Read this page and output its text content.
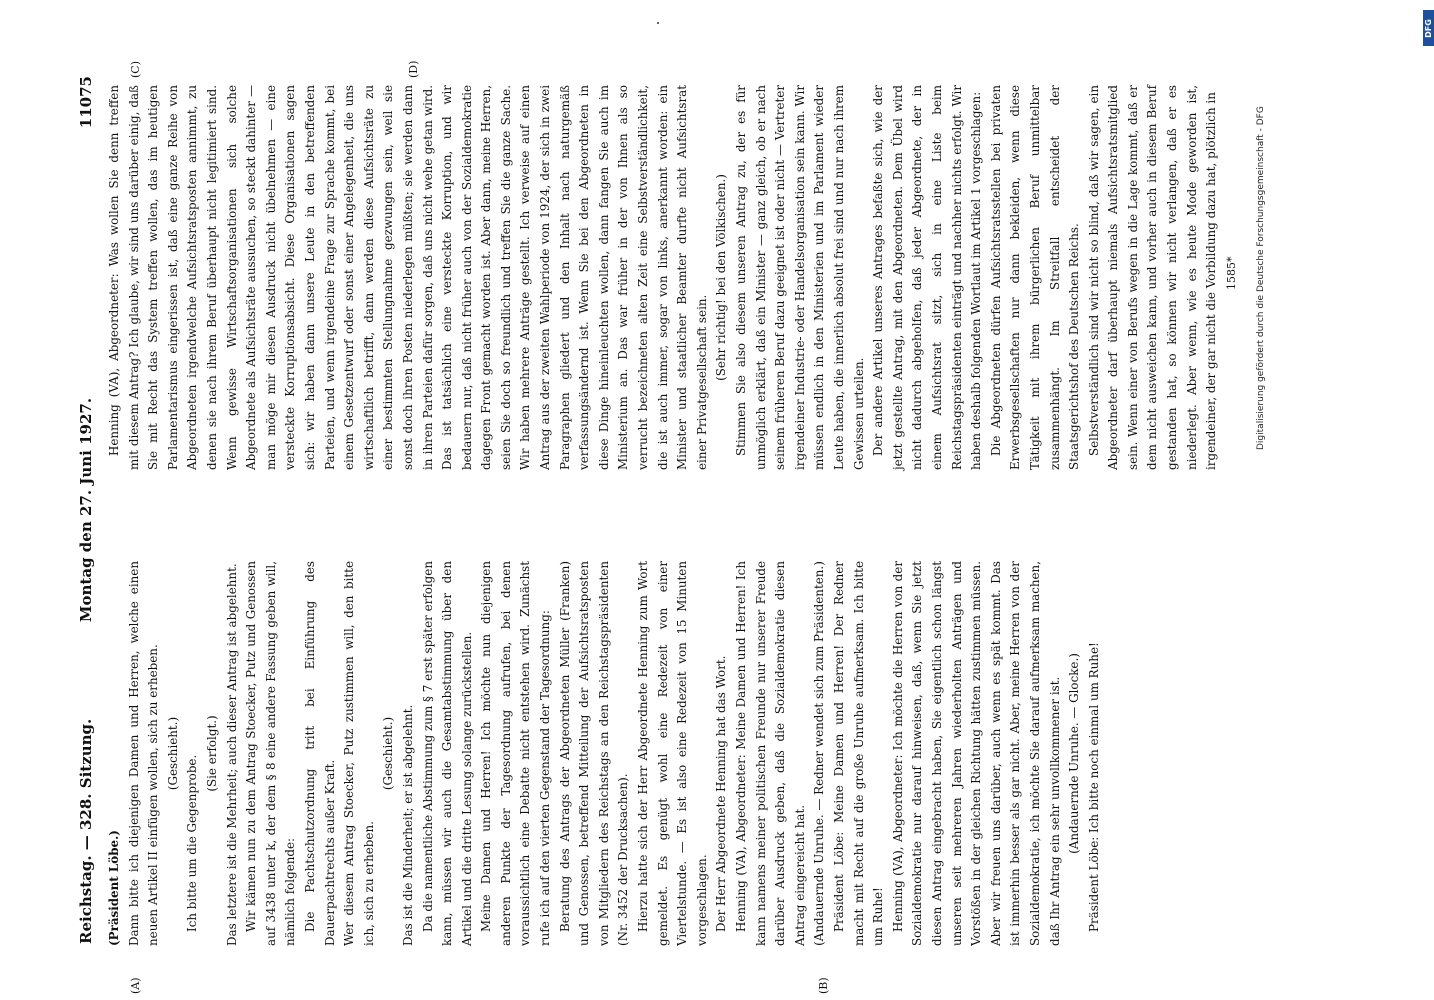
Reichstag. — 328. Sitzung.
Montag den 27. Juni 1927.
11075
(A)	(B)
(C)	(D)

(Präsident Löbe.) Dann bitte ich diejenigen Damen und Herren, welche einen neuen Artikel II einfügen wollen, sich zu erheben. (Geschieht.)

Ich bitte um die Gegenprobe.

(Sie erfolgt.) Das letztere ist die Mehrheit; auch dieser Antrag ist abgelehnt. Wir kämen nun zu dem Antrag Stoecker, Putz und Genossen auf 3438 unter k, der dem § 8 eine andere Fassung geben will, nämlich folgende: Die Pachtschutzordnung tritt bei Einführung des Dauerpachtrechts außer Kraft. Wer diesem Antrag Stoecker, Putz zustimmen will, den bitte ich, sich zu erheben.

(Geschieht.) Das ist die Minderheit; er ist abgelehnt. Da die namentliche Abstimmung zum § 7 erst später erfolgen kann, müssen wir auch die Gesamtabstimmung über den Artikel und die dritte Lesung solange zurückstellen. Meine Damen und Herren! Ich möchte nun diejenigen anderen Punkte der Tagesordnung aufrufen, bei denen voraussichtlich eine Debatte nicht entstehen wird. Zunächst rufe ich auf den vierten Gegenstand der Tagesordnung: Beratung des Antrags der Abgeordneten Müller (Franken) und Genossen, betreffend Mitteilung der Aufsichtsratsposten von Mitgliedern des Reichstags an den Reichstagspräsidenten (Nr. 3452 der Drucksachen). Hierzu hatte sich der Herr Abgeordnete Henning zum Wort gemeldet. Es genügt wohl eine Redezeit von einer Viertelstunde. — Es ist also eine Redezeit von 15 Minuten vorgeschlagen. Der Herr Abgeordnete Henning hat das Wort. Henning (VA), Abgeordneter: Meine Damen und Herren! Ich kann namens meiner politischen Freunde nur unserer Freude darüber Ausdruck geben, daß die Sozialdemokratie diesen Antrag eingereicht hat. (Andauernde Unruhe. — Redner wendet sich zum Präsidenten.) Präsident Löbe: Meine Damen und Herren! Der Redner macht mit Recht auf die große Unruhe aufmerksam. Ich bitte um Ruhe! Henning (VA), Abgeordneter: Ich möchte die Herren von der Sozialdemokratie nur darauf hinweisen, daß, wenn Sie jetzt diesen Antrag eingebracht haben, Sie eigentlich schon längst unseren seit mehreren Jahren wiederholten Anträgen und Vorstößen in der gleichen Richtung hätten zustimmen müssen. Aber wir freuen uns darüber, auch wenn es spät kommt. Das ist immerhin besser als gar nicht. Aber, meine Herren von der Sozialdemokratie, ich möchte Sie darauf aufmerksam machen, daß Ihr Antrag ein sehr unvollkommener ist. (Andauernde Unruhe. — Glocke.) Präsident Löbe: Ich bitte noch einmal um Ruhe!

Henning (VA), Abgeordneter: Was wollen Sie denn treffen mit diesem Antrag? Ich glaube, wir sind uns darüber einig, daß Sie mit Recht das System treffen wollen, das im heutigen Parlamentarismus eingerissen ist, daß eine ganze Reihe von Abgeordneten irgendwelche Aufsichtsratsposten annimmt, zu denen sie nach ihrem Beruf überhaupt nicht legitimiert sind. Wenn gewisse Wirtschaftsorganisationen sich solche Abgeordnete als Aufsichtsräte aussuchen, so steckt dahinter — man möge mir diesen Ausdruck nicht übelnehmen — eine versteckte Korruptionsabsicht. Diese Organisationen sagen sich: wir haben dann unsere Leute in den betreffenden Parteien, und wenn irgendeine Frage zur Sprache kommt, bei einem Gesetzentwurf oder sonst einer Angelegenheit, die uns wirtschaftlich betrifft, dann werden diese Aufsichtsräte zu einer bestimmten Stellungnahme gezwungen sein, weil sie sonst doch ihren Posten niederlegen müßten; sie werden dann in ihren Parteien dafür sorgen, daß uns nicht wehe getan wird. Das ist tatsächlich eine versteckte Korruption, und wir bedauern nur, daß nicht früher auch von der Sozialdemokratie dagegen Front gemacht worden ist. Aber dann, meine Herren, seien Sie doch so freundlich und treffen Sie die ganze Sache. Wir haben mehrere Anträge gestellt. Ich verweise auf einen Antrag aus der zweiten Wahlperiode von 1924, der sich in zwei Paragraphen gliedert und den Inhalt nach naturgemäß verfassungsändernd ist. Wenn Sie bei den Abgeordneten in diese Dinge hineinleuchten wollen, dann fangen Sie auch im Ministerium an. Das war früher in der von Ihnen als so verrucht bezeichneten alten Zeit eine Selbstverständlichkeit, die ist auch immer, sogar von links, anerkannt worden: ein Minister und staatlicher Beamter durfte nicht Aufsichtsrat einer Privatgesellschaft sein.

(Sehr richtig! bei den Völkischen.) Stimmen Sie also diesem unseren Antrag zu, der es für unmöglich erklärt, daß ein Minister — ganz gleich, ob er nach seinem früheren Beruf dazu geeignet ist oder nicht — Vertreter irgendeiner Industrie- oder Handelsorganisation sein kann. Wir müssen endlich in den Ministerien und im Parlament wieder Leute haben, die innerlich absolut frei sind und nur nach ihrem Gewissen urteilen. Der andere Artikel unseres Antrages befaßte sich, wie der jetzt gestellte Antrag, mit den Abgeordneten. Dem Übel wird nicht dadurch abgeholfen, daß jeder Abgeordnete, der in einem Aufsichtsrat sitzt, sich in eine Liste beim Reichstagspräsidenten einträgt und nachher nichts erfolgt. Wir haben deshalb folgenden Wortlaut im Artikel 1 vorgeschlagen: Die Abgeordneten dürfen Aufsichtsratsstellen bei privaten Erwerbsgesellschaften nur dann bekleiden, wenn diese Tätigkeit mit ihrem bürgerlichen Beruf unmittelbar zusammenhängt. Im Streitfall entscheidet der Staatsgerichtshof des Deutschen Reichs. Selbstverständlich sind wir nicht so blind, daß wir sagen, ein Abgeordneter darf überhaupt niemals Aufsichtsratsmitglied sein. Wenn einer von Berufs wegen in die Lage kommt, daß er dem nicht ausweichen kann, und vorher auch in diesem Beruf gestanden hat, so können wir nicht verlangen, daß er es niederlegt. Aber wenn, wie es heute Mode geworden ist, irgendeiner, der gar nicht die Vorbildung dazu hat, plötzlich in 1585*
DFG
Digitalisierung gefördert durch die Deutsche Forschungsgemeinschaft - DFG
